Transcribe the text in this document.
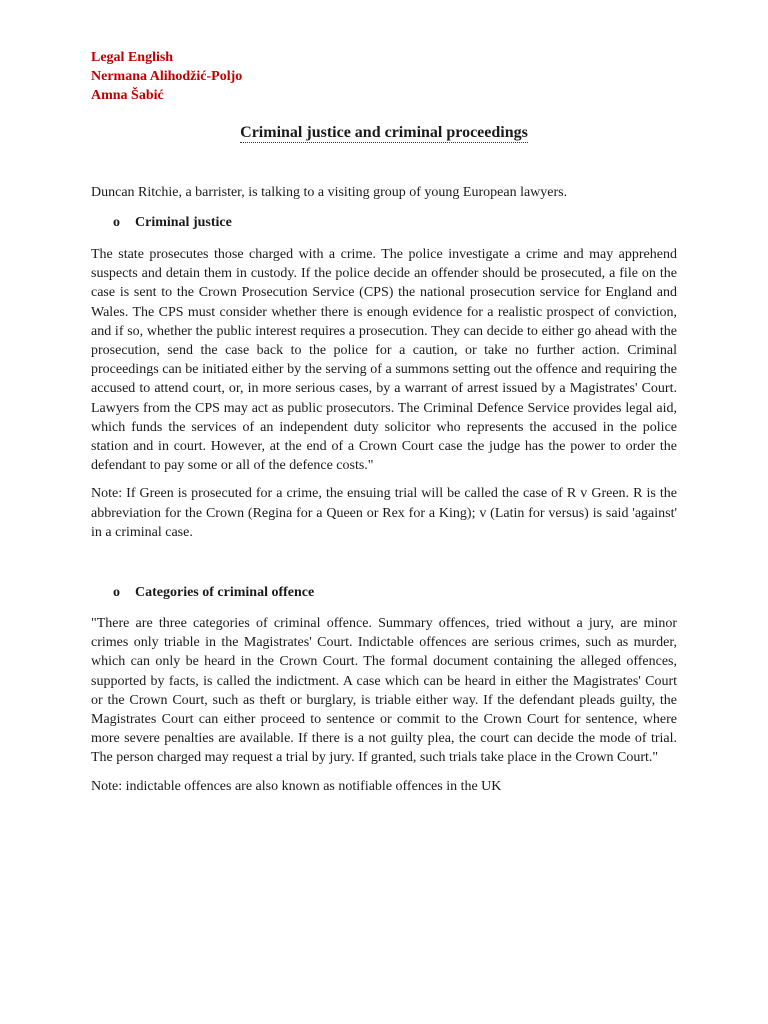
Legal English
Nermana Alihodžić-Poljo
Amna Šabić
Criminal justice and criminal proceedings

Duncan Ritchie, a barrister, is talking to a visiting group of young European lawyers.

o	Criminal justice

The state prosecutes those charged with a crime. The police investigate a crime and may apprehend suspects and detain them in custody. If the police decide an offender should be prosecuted, a file on the case is sent to the Crown Prosecution Service (CPS) the national prosecution service for England and Wales. The CPS must consider whether there is enough evidence for a realistic prospect of conviction, and if so, whether the public interest requires a prosecution. They can decide to either go ahead with the prosecution, send the case back to the police for a caution, or take no further action. Criminal proceedings can be initiated either by the serving of a summons setting out the offence and requiring the accused to attend court, or, in more serious cases, by a warrant of arrest issued by a Magistrates' Court. Lawyers from the CPS may act as public prosecutors. The Criminal Defence Service provides legal aid, which funds the services of an independent duty solicitor who represents the accused in the police station and in court. However, at the end of a Crown Court case the judge has the power to order the defendant to pay some or all of the defence costs."

Note: If Green is prosecuted for a crime, the ensuing trial will be called the case of R v Green. R is the abbreviation for the Crown (Regina for a Queen or Rex for a King); v (Latin for versus) is said 'against' in a criminal case.

o	Categories of criminal offence

"There are three categories of criminal offence. Summary offences, tried without a jury, are minor crimes only triable in the Magistrates' Court. Indictable offences are serious crimes, such as murder, which can only be heard in the Crown Court. The formal document containing the alleged offences, supported by facts, is called the indictment. A case which can be heard in either the Magistrates' Court or the Crown Court, such as theft or burglary, is triable either way. If the defendant pleads guilty, the Magistrates Court can either proceed to sentence or commit to the Crown Court for sentence, where more severe penalties are available. If there is a not guilty plea, the court can decide the mode of trial. The person charged may request a trial by jury. If granted, such trials take place in the Crown Court."

Note: indictable offences are also known as notifiable offences in the UK
